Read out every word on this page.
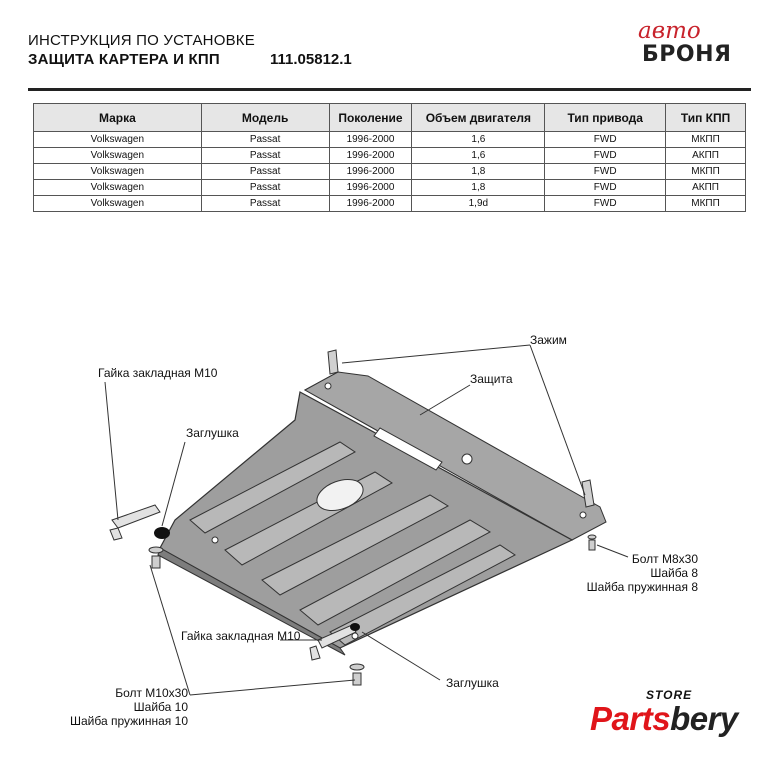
ИНСТРУКЦИЯ ПО УСТАНОВКЕ
ЗАЩИТА КАРТЕРА И КПП	111.05812.1
авто
БРОНЯ
Марка	Модель	Поколение	Объем двигателя	Тип привода	Тип КПП
Volkswagen	Passat	1996-2000	1,6	FWD	МКПП
Volkswagen	Passat	1996-2000	1,6	FWD	АКПП
Volkswagen	Passat	1996-2000	1,8	FWD	МКПП
Volkswagen	Passat	1996-2000	1,8	FWD	АКПП
Volkswagen	Passat	1996-2000	1,9d	FWD	МКПП
Зажим
Защита
Гайка закладная М10
Заглушка
Болт М8х30
Шайба 8
Шайба пружинная 8
Гайка закладная М10
Заглушка
Болт М10х30
Шайба 10
Шайба пружинная 10
STORE
Partsbery
